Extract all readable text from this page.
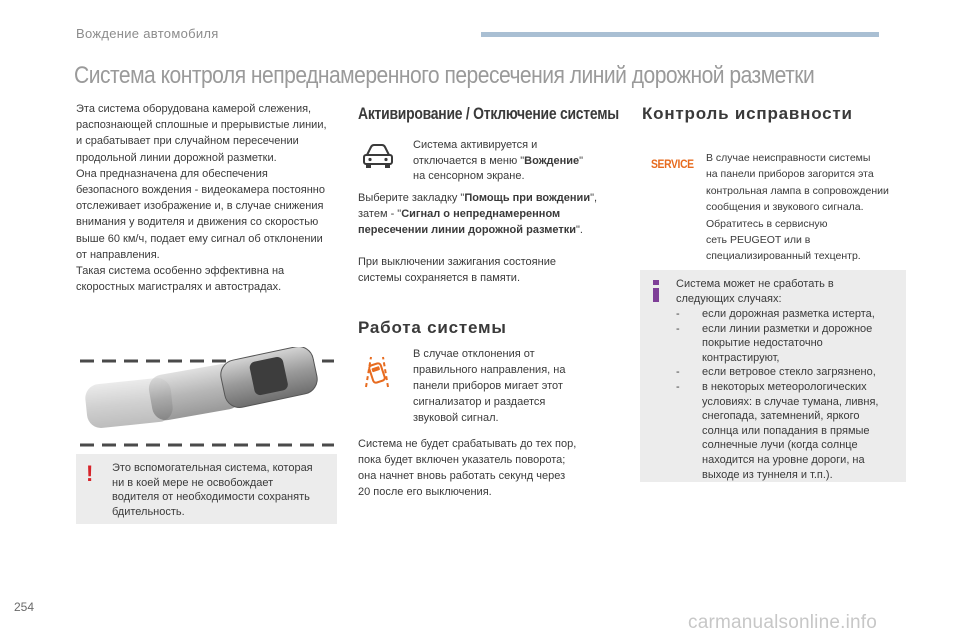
Вождение автомобиля
Система контроля непреднамеренного пересечения линий дорожной разметки

Эта система оборудована камерой слежения,
распознающей сплошные и прерывистые линии,
и срабатывает при случайном пересечении
продольной линии дорожной разметки.

Она предназначена для обеспечения
безопасного вождения - видеокамера постоянно
отслеживает изображение и, в случае снижения
внимания у водителя и движения со скоростью
выше 60 км/ч, подает ему сигнал об отклонении
от направления.

Такая система особенно эффективна на
скоростных магистралях и автострадах.

! Это вспомогательная система, которая
ни в коей мере не освобождает
водителя от необходимости сохранять
бдительность.
Активирование / Отключение системы
Система активируется и
отключается в меню "Вождение"
на сенсорном экране.
Выберите закладку "Помощь при вождении",
затем - "Сигнал о непреднамеренном
пересечении линии дорожной разметки".
При выключении зажигания состояние
системы сохраняется в памяти.
Работа системы
В случае отклонения от
правильного направления, на
панели приборов мигает этот
сигнализатор и раздается
звуковой сигнал.
Система не будет срабатывать до тех пор,
пока будет включен указатель поворота;
она начнет вновь работать секунд через
20 после его выключения.
Контроль исправности
SERVICE В случае неисправности системы
на панели приборов загорится эта
контрольная лампа в сопровождении
сообщения и звукового сигнала.
Обратитесь в сервисную
сеть PEUGEOT или в
специализированный техцентр.
Система может не сработать в
следующих случаях:
- если дорожная разметка истерта,
- если линии разметки и дорожное
покрытие недостаточно
контрастируют,
- если ветровое стекло загрязнено,
- в некоторых метеорологических
условиях: в случае тумана, ливня,
снегопада, затемнений, яркого
солнца или попадания в прямые
солнечные лучи (когда солнце
находится на уровне дороги, на
выходе из туннеля и т.п.).
254
carmanualsonline.info
